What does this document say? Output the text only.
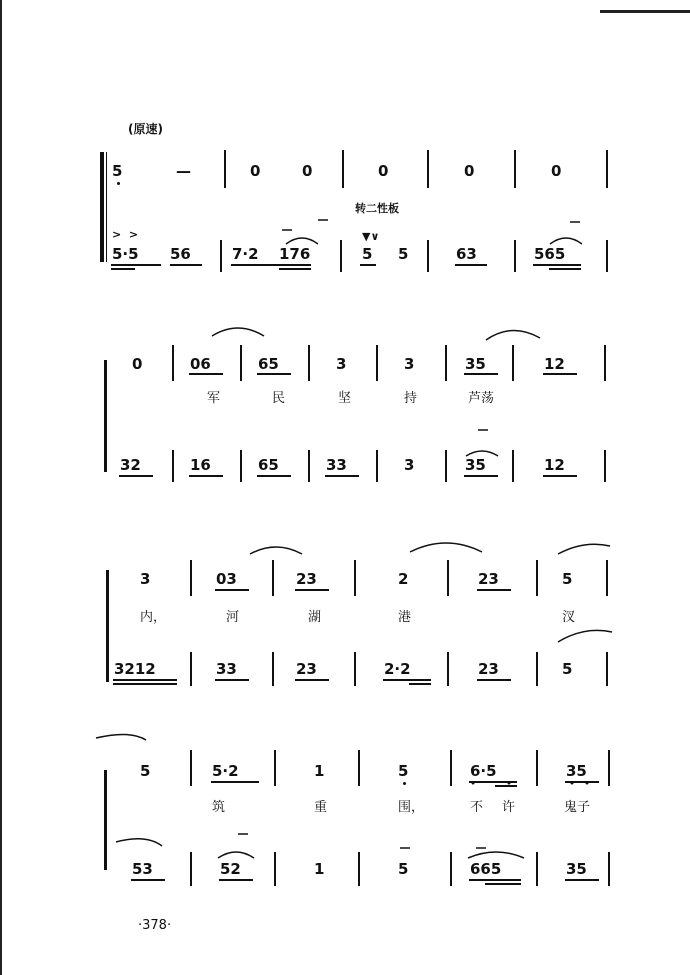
(原速)
5	—	0	0	0	0	0
转二性板
>  >
5·5 56	7·2 176	5 5
▼∨
63	565
0	06	65	3	3	35	12
军	民	坚	持	芦荡
32	16	65	33	3	35	12
3	03	23	2	23	5
内，	河	湖	港	汊
3212	33	23	2·2	23	5
5	5·2	1	5	6·5	35
筑	重	围，	不 许	鬼子
53	52	1	5	665	35
·378·
